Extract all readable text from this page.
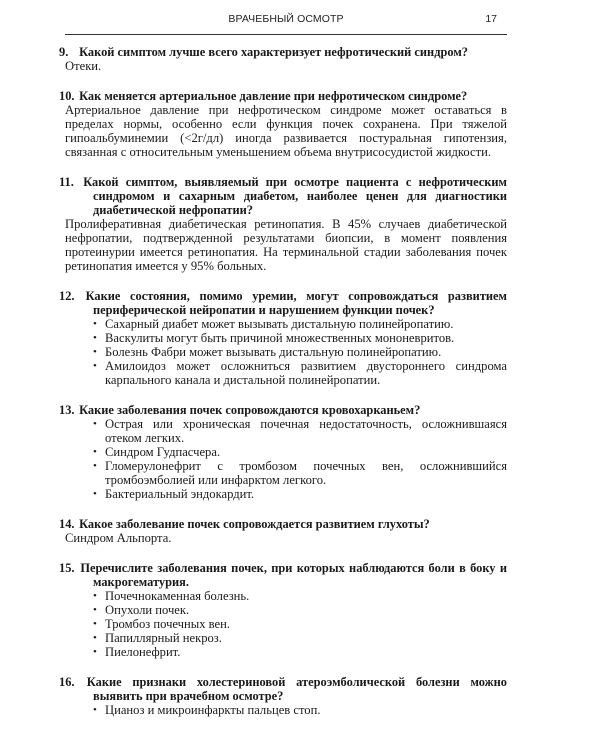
ВРАЧЕБНЫЙ ОСМОТР	17

9. Какой симптом лучше всего характеризует нефротический синдром?

Отеки.

10. Как меняется артериальное давление при нефротическом синдроме?

Артериальное давление при нефротическом синдроме может оставаться в пределах нормы, особенно если функция почек сохранена. При тяжелой гипоальбуминемии (<2г/дл) иногда развивается постуральная гипотензия, связанная с относительным уменьшением объема внутрисосудистой жидкости.

11. Какой симптом, выявляемый при осмотре пациента с нефротическим синдромом и сахарным диабетом, наиболее ценен для диагностики диабетической нефропатии?

Пролиферативная диабетическая ретинопатия. В 45% случаев диабетической нефропатии, подтвержденной результатами биопсии, в момент появления протеинурии имеется ретинопатия. На терминальной стадии заболевания почек ретинопатия имеется у 95% больных.

12. Какие состояния, помимо уремии, могут сопровождаться развитием периферической нейропатии и нарушением функции почек?

• Сахарный диабет может вызывать дистальную полинейропатию.
• Васкулиты могут быть причиной множественных мононевритов.
• Болезнь Фабри может вызывать дистальную полинейропатию.
• Амилоидоз может осложниться развитием двустороннего синдрома карпального канала и дистальной полинейропатии.

13. Какие заболевания почек сопровождаются кровохарканьем?

• Острая или хроническая почечная недостаточность, осложнившаяся отеком легких.
• Синдром Гудпасчера.
• Гломерулонефрит с тромбозом почечных вен, осложнившийся тромбоэмболией или инфарктом легкого.
• Бактериальный эндокардит.

14. Какое заболевание почек сопровождается развитием глухоты?

Синдром Альпорта.

15. Перечислите заболевания почек, при которых наблюдаются боли в боку и макрогематурия.

• Почечнокаменная болезнь.
• Опухоли почек.
• Тромбоз почечных вен.
• Папиллярный некроз.
• Пиелонефрит.

16. Какие признаки холестериновой атероэмболической болезни можно выявить при врачебном осмотре?

• Цианоз и микроинфаркты пальцев стоп.
